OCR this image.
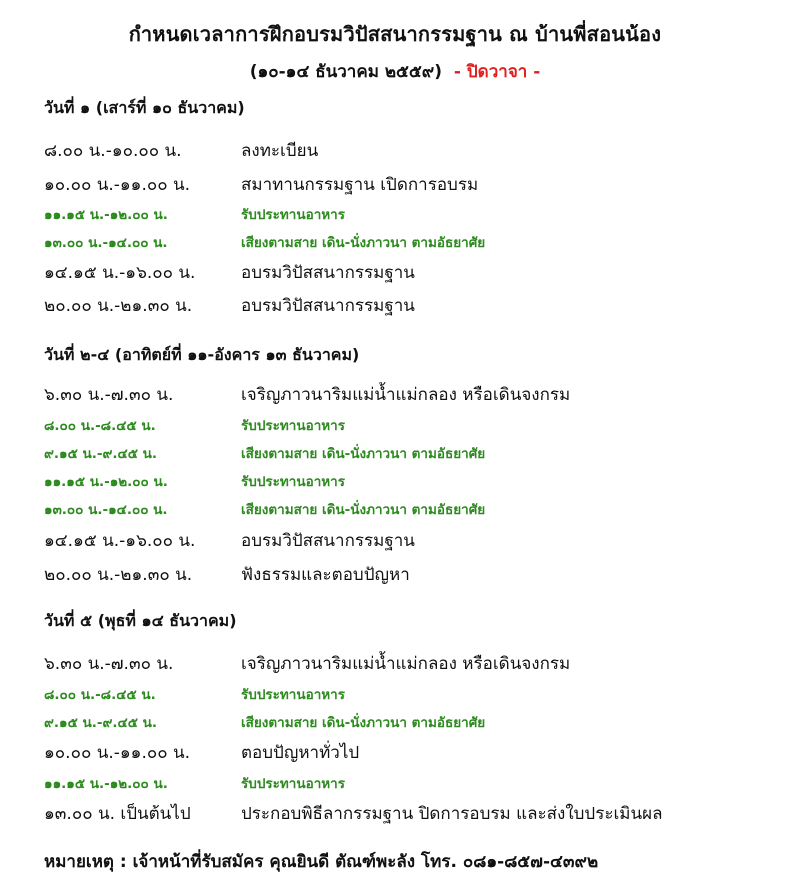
กำหนดเวลาการฝึกอบรมวิปัสสนากรรมฐาน ณ บ้านพี่สอนน้อง
(๑๐-๑๔ ธันวาคม ๒๕๕๙) - ปิดวาจา -
วันที่ ๑ (เสาร์ที่ ๑๐ ธันวาคม)
๘.๐๐ น.-๑๐.๐๐ น.	ลงทะเบียน
๑๐.๐๐ น.-๑๑.๐๐ น.	สมาทานกรรมฐาน เปิดการอบรม
๑๑.๑๕ น.-๑๒.๐๐ น.	รับประทานอาหาร
๑๓.๐๐ น.-๑๔.๐๐ น.	เสียงตามสาย เดิน-นั่งภาวนา ตามอัธยาศัย
๑๔.๑๕ น.-๑๖.๐๐ น.	อบรมวิปัสสนากรรมฐาน
๒๐.๐๐ น.-๒๑.๓๐ น.	อบรมวิปัสสนากรรมฐาน
วันที่ ๒-๔ (อาทิตย์ที่ ๑๑-อังคาร ๑๓ ธันวาคม)
๖.๓๐ น.-๗.๓๐ น.	เจริญภาวนาริมแม่น้ำแม่กลอง หรือเดินจงกรม
๘.๐๐ น.-๘.๔๕ น.	รับประทานอาหาร
๙.๑๕ น.-๙.๔๕ น.	เสียงตามสาย เดิน-นั่งภาวนา ตามอัธยาศัย
๑๑.๑๕ น.-๑๒.๐๐ น.	รับประทานอาหาร
๑๓.๐๐ น.-๑๔.๐๐ น.	เสียงตามสาย เดิน-นั่งภาวนา ตามอัธยาศัย
๑๔.๑๕ น.-๑๖.๐๐ น.	อบรมวิปัสสนากรรมฐาน
๒๐.๐๐ น.-๒๑.๓๐ น.	ฟังธรรมและตอบปัญหา
วันที่ ๕ (พุธที่ ๑๔ ธันวาคม)
๖.๓๐ น.-๗.๓๐ น.	เจริญภาวนาริมแม่น้ำแม่กลอง หรือเดินจงกรม
๘.๐๐ น.-๘.๔๕ น.	รับประทานอาหาร
๙.๑๕ น.-๙.๔๕ น.	เสียงตามสาย เดิน-นั่งภาวนา ตามอัธยาศัย
๑๐.๐๐ น.-๑๑.๐๐ น.	ตอบปัญหาทั่วไป
๑๑.๑๕ น.-๑๒.๐๐ น.	รับประทานอาหาร
๑๓.๐๐ น. เป็นต้นไป	ประกอบพิธีลากรรมฐาน ปิดการอบรม และส่งใบประเมินผล
หมายเหตุ : เจ้าหน้าที่รับสมัคร คุณยินดี ตัณฑ์พะลัง โทร. ๐๘๑-๘๕๗-๔๓๙๒
